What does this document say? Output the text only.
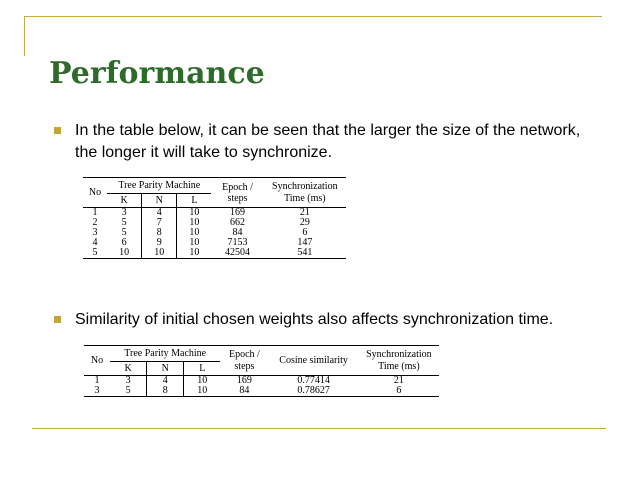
Performance
In the table below, it can be seen that the larger the size of the network, the longer it will take to synchronize.
No	Tree Parity Machine			Epoch / steps	Synchronization Time (ms)
	K	N	L		
1	3	4	10	169	21
2	5	7	10	662	29
3	5	8	10	84	6
4	6	9	10	7153	147
5	10	10	10	42504	541
Similarity of initial chosen weights also affects synchronization time.
No	Tree Parity Machine			Epoch / steps	Cosine similarity	Synchronization Time (ms)
	K	N	L			
1	3	4	10	169	0.77414	21
3	5	8	10	84	0.78627	6
